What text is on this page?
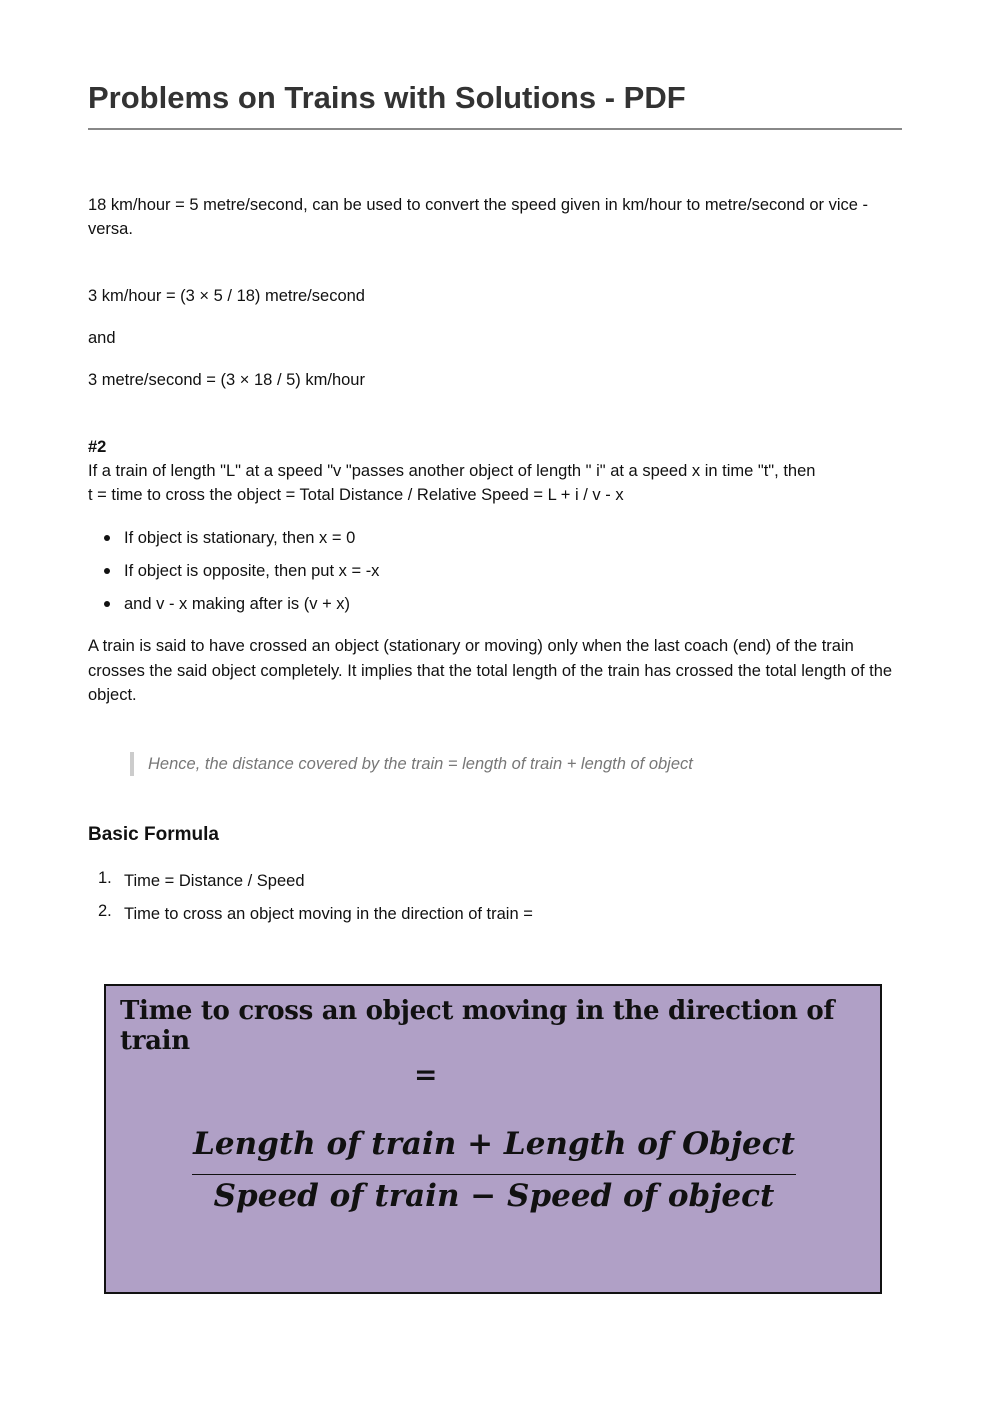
Problems on Trains with Solutions - PDF

18 km/hour = 5 metre/second, can be used to convert the speed given in km/hour to metre/second or vice - versa.

3 km/hour = (3 × 5 / 18) metre/second

and

3 metre/second = (3 × 18 / 5) km/hour

#2

If a train of length "L" at a speed "v "passes another object of length " i" at a speed x in time "t", then

t = time to cross the object = Total Distance / Relative Speed = L + i / v - x

If object is stationary, then x = 0

If object is opposite, then put x = -x

and v - x making after is (v + x)

A train is said to have crossed an object (stationary or moving) only when the last coach (end) of the train crosses the said object completely. It implies that the total length of the train has crossed the total length of the object.

Hence, the distance covered by the train = length of train + length of object

Basic Formula

1. Time = Distance / Speed

2. Time to cross an object moving in the direction of train =

Time to cross an object moving in the direction of train
=
Length of train + Length of Object
Speed of train − Speed of object
